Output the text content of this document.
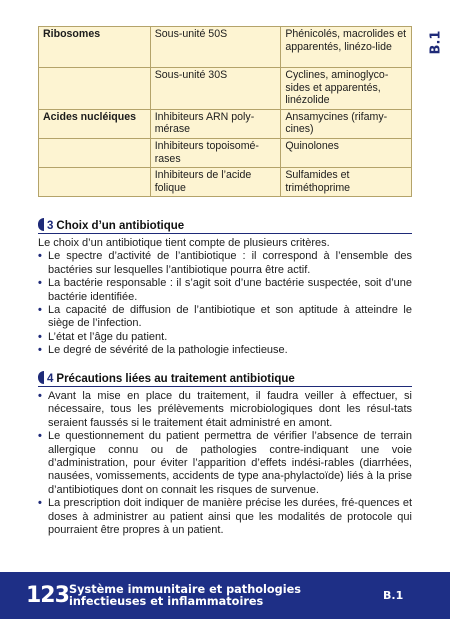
B.1
Ribosomes	Sous-unité 50S	Phénicolés, macrolides et apparentés, linézo-lide
	Sous-unité 30S	Cyclines, aminoglyco-sides et apparentés, linézolide
Acides nucléiques	Inhibiteurs ARN poly-mérase	Ansamycines (rifamy-cines)
	Inhibiteurs topoisomé-rases	Quinolones
	Inhibiteurs de l’acide folique	Sulfamides et triméthoprime
3 Choix d’un antibiotique

Le choix d’un antibiotique tient compte de plusieurs critères.

• Le spectre d’activité de l’antibiotique : il correspond à l’ensemble des bactéries sur lesquelles l’antibiotique pourra être actif.
• La bactérie responsable : il s’agit soit d’une bactérie suspectée, soit d’une bactérie identifiée.
• La capacité de diffusion de l’antibiotique et son aptitude à atteindre le siège de l’infection.
• L’état et l’âge du patient.
• Le degré de sévérité de la pathologie infectieuse.
4 Précautions liées au traitement antibiotique
• Avant la mise en place du traitement, il faudra veiller à effectuer, si nécessaire, tous les prélèvements microbiologiques dont les résul-tats seraient faussés si le traitement était administré en amont.
• Le questionnement du patient permettra de vérifier l’absence de terrain allergique connu ou de pathologies contre-indiquant une voie d’administration, pour éviter l’apparition d’effets indési-rables (diarrhées, nausées, vomissements, accidents de type ana-phylactoïde) liés à la prise d’antibiotiques dont on connait les risques de survenue.
• La prescription doit indiquer de manière précise les durées, fré-quences et doses à administrer au patient ainsi que les modalités de protocole qui pourraient être propres à un patient.
123 Système immunitaire et pathologies infectieuses et inflammatoires	B.1
